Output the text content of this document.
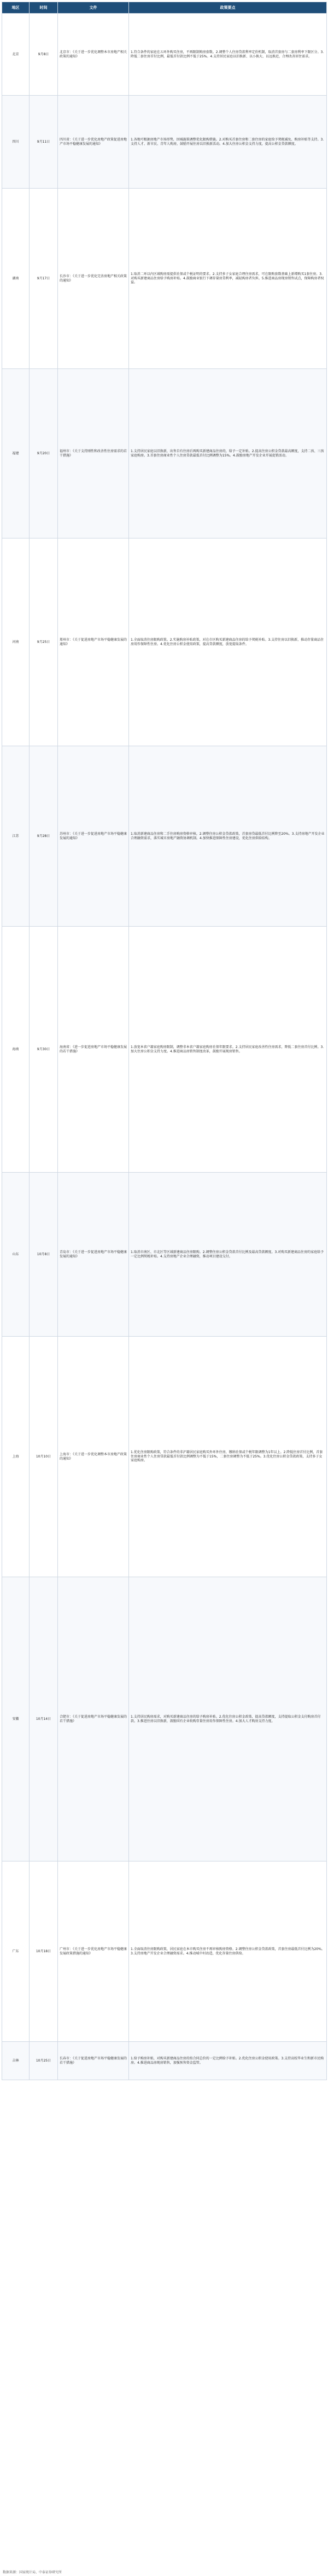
地区	时间	文件	政策要点
北京	9月8日	北京市：《关于进一步优化调整本市房地产相关政策的通知》	1.符合条件的家庭在五环外购买住房，不再限制购房套数。2.调整个人住房贷款利率定价机制，取消首套房与二套房利率下限区分。3.降低二套住房首付比例，最低首付款比例不低于25%。4.支持居民家庭以旧换新、以小换大、以远换近，合理改善居住需求。
四川	9月11日	四川省：《关于进一步优化房地产政策促进房地产市场平稳健康发展的通知》	1.各地可根据房地产市场形势，因城施策调整优化限购措施。2.对购买首套住房和二套住房的家庭给予契税减免、购房补贴等支持。3.支持人才、新市民、青年人购房，鼓励开展住房以旧换新活动。4.加大住房公积金支持力度，提高公积金贷款额度。
湖南	9月17日	长沙市：《关于进一步优化完善房地产相关政策的通知》	1.取消二环以内区域购房需提供社保或个税证明的要求。2.支持多子女家庭合理住房需求，可在限购套数基础上新增购买1套住房。3.对购买新建商品住房给予购房补贴。4.鼓励商业银行下调存量房贷利率，减轻购房者负担。5.推进商品房现房销售试点，保障购房者权益。
福建	9月20日	福州市：《关于支持刚性和改善性住房需求的若干措施》	1.支持居民家庭以旧换新，出售自有住房后再购买新建商品住房的，给予一定补贴。2.提高住房公积金贷款最高额度，支持二孩、三孩家庭购房。3.首套住房商业性个人住房贷款最低首付比例调整为15%。4.鼓励房地产开发企业开展促销活动。
河南	9月25日	郑州市：《关于促进房地产市场平稳健康发展的通知》	1.全面取消住房限购政策。2.实施购房补贴政策，对在市区购买新建商品住房的给予契税补贴。3.支持住房以旧换新，推动存量商品住房用作保障性住房。4.优化住房公积金使用政策，提高贷款额度，放宽提取条件。
江苏	9月28日	苏州市：《关于进一步促进房地产市场平稳健康发展的通知》	1.取消新建商品住房和二手住房购房资格审核。2.调整住房公积金贷款政策，首套房贷最低首付比例降至20%。3.支持房地产开发企业合理融资需求，落实城市房地产融资协调机制。4.加快推进保障性住房建设，优化住房供给结构。
海南	9月30日	海南省：《进一步促进房地产市场平稳健康发展的若干措施》	1.放宽本省户籍家庭购房限制，调整非本省户籍家庭购房社保年限要求。2.支持居民家庭改善性住房需求，降低二套住房首付比例。3.加大住房公积金支持力度。4.推进商品房销售制度改革，鼓励开展现房销售。
山东	10月8日	青岛市：《关于进一步促进房地产市场平稳健康发展的通知》	1.取消市南区、市北区等区域新建商品住房限购。2.调整住房公积金贷款首付比例及最高贷款额度。3.对购买新建商品住房的家庭给予一定比例契税补贴。4.支持房地产企业合理融资，推动项目建设交付。
上海	10月10日	上海市：《关于进一步优化调整本市房地产政策的通知》	1.优化住房限购政策，符合条件的非沪籍居民家庭购买外环外住房，缴纳社保或个税年限调整为1年以上。2.降低住房首付比例，首套住房商业性个人住房贷款最低首付款比例调整为不低于15%，二套住房调整为不低于25%。3.优化住房公积金贷款政策，支持多子女家庭购房。
安徽	10月14日	合肥市：《关于促进房地产市场平稳健康发展的若干措施》	1.支持居民购房需求，对购买新建商品住房的给予购房补贴。2.优化住房公积金政策，提高贷款额度，支持提取公积金支付购房首付款。3.推进住房以旧换新，鼓励国有企业收购存量住房用作保障性住房。4.加大人才购房支持力度。
广东	10月18日	广州市：《关于进一步优化房地产市场平稳健康发展政策措施的通知》	1.全面取消住房限购政策，居民家庭在本市购买住房不再审核购房资格。2.调整住房公积金贷款政策，首套住房最低首付比例为20%。3.支持房地产开发企业合理融资需求。4.推动城中村改造，优化存量住房供给。
吉林	10月25日	长春市：《关于促进房地产市场平稳健康发展的若干措施》	1.给予购房补贴，对购买新建商品住房的按合同总价的一定比例给予补贴。2.优化住房公积金使用政策。3.支持高校毕业生和新市民购房。4.推进商品房现房销售，加强预售资金监管。
数据来源：国家统计局、中泰证券研究所
